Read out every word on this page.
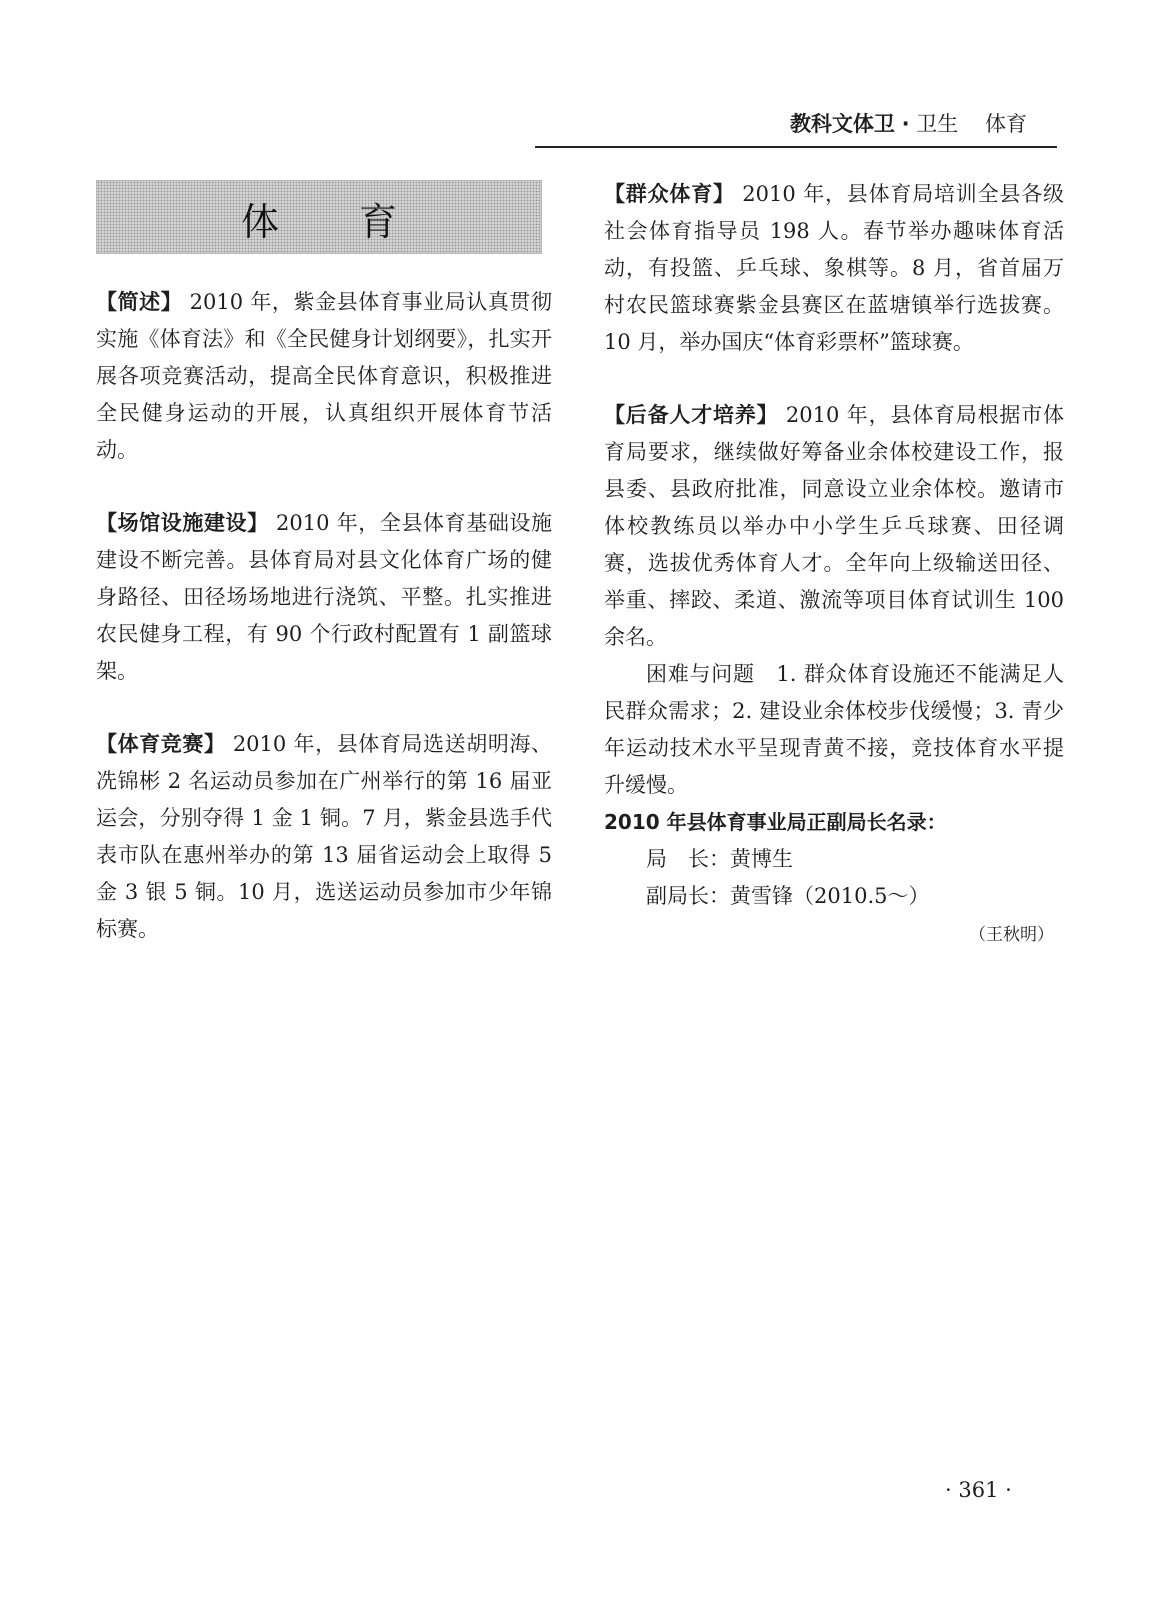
教科文体卫 · 卫生 体育
体育

【简述】 2010 年，紫金县体育事业局认真贯彻实施《体育法》和《全民健身计划纲要》，扎实开展各项竞赛活动，提高全民体育意识，积极推进全民健身运动的开展，认真组织开展体育节活动。

【场馆设施建设】 2010 年，全县体育基础设施建设不断完善。县体育局对县文化体育广场的健身路径、田径场场地进行浇筑、平整。扎实推进农民健身工程，有 90 个行政村配置有 1 副篮球架。

【体育竞赛】 2010 年，县体育局选送胡明海、冼锦彬 2 名运动员参加在广州举行的第 16 届亚运会，分别夺得 1 金 1 铜。7 月，紫金县选手代表市队在惠州举办的第 13 届省运动会上取得 5 金 3 银 5 铜。10 月，选送运动员参加市少年锦标赛。

【群众体育】 2010 年，县体育局培训全县各级社会体育指导员 198 人。春节举办趣味体育活动，有投篮、乒乓球、象棋等。8 月，省首届万村农民篮球赛紫金县赛区在蓝塘镇举行选拔赛。10 月，举办国庆“体育彩票杯”篮球赛。

【后备人才培养】 2010 年，县体育局根据市体育局要求，继续做好筹备业余体校建设工作，报县委、县政府批准，同意设立业余体校。邀请市体校教练员以举办中小学生乒乓球赛、田径调赛，选拔优秀体育人才。全年向上级输送田径、举重、摔跤、柔道、激流等项目体育试训生 100 余名。

困难与问题　1. 群众体育设施还不能满足人民群众需求；2. 建设业余体校步伐缓慢；3. 青少年运动技术水平呈现青黄不接，竞技体育水平提升缓慢。

2010 年县体育事业局正副局长名录：

局　长：黄博生

副局长：黄雪锋（2010.5～）

（王秋明）

· 361 ·
